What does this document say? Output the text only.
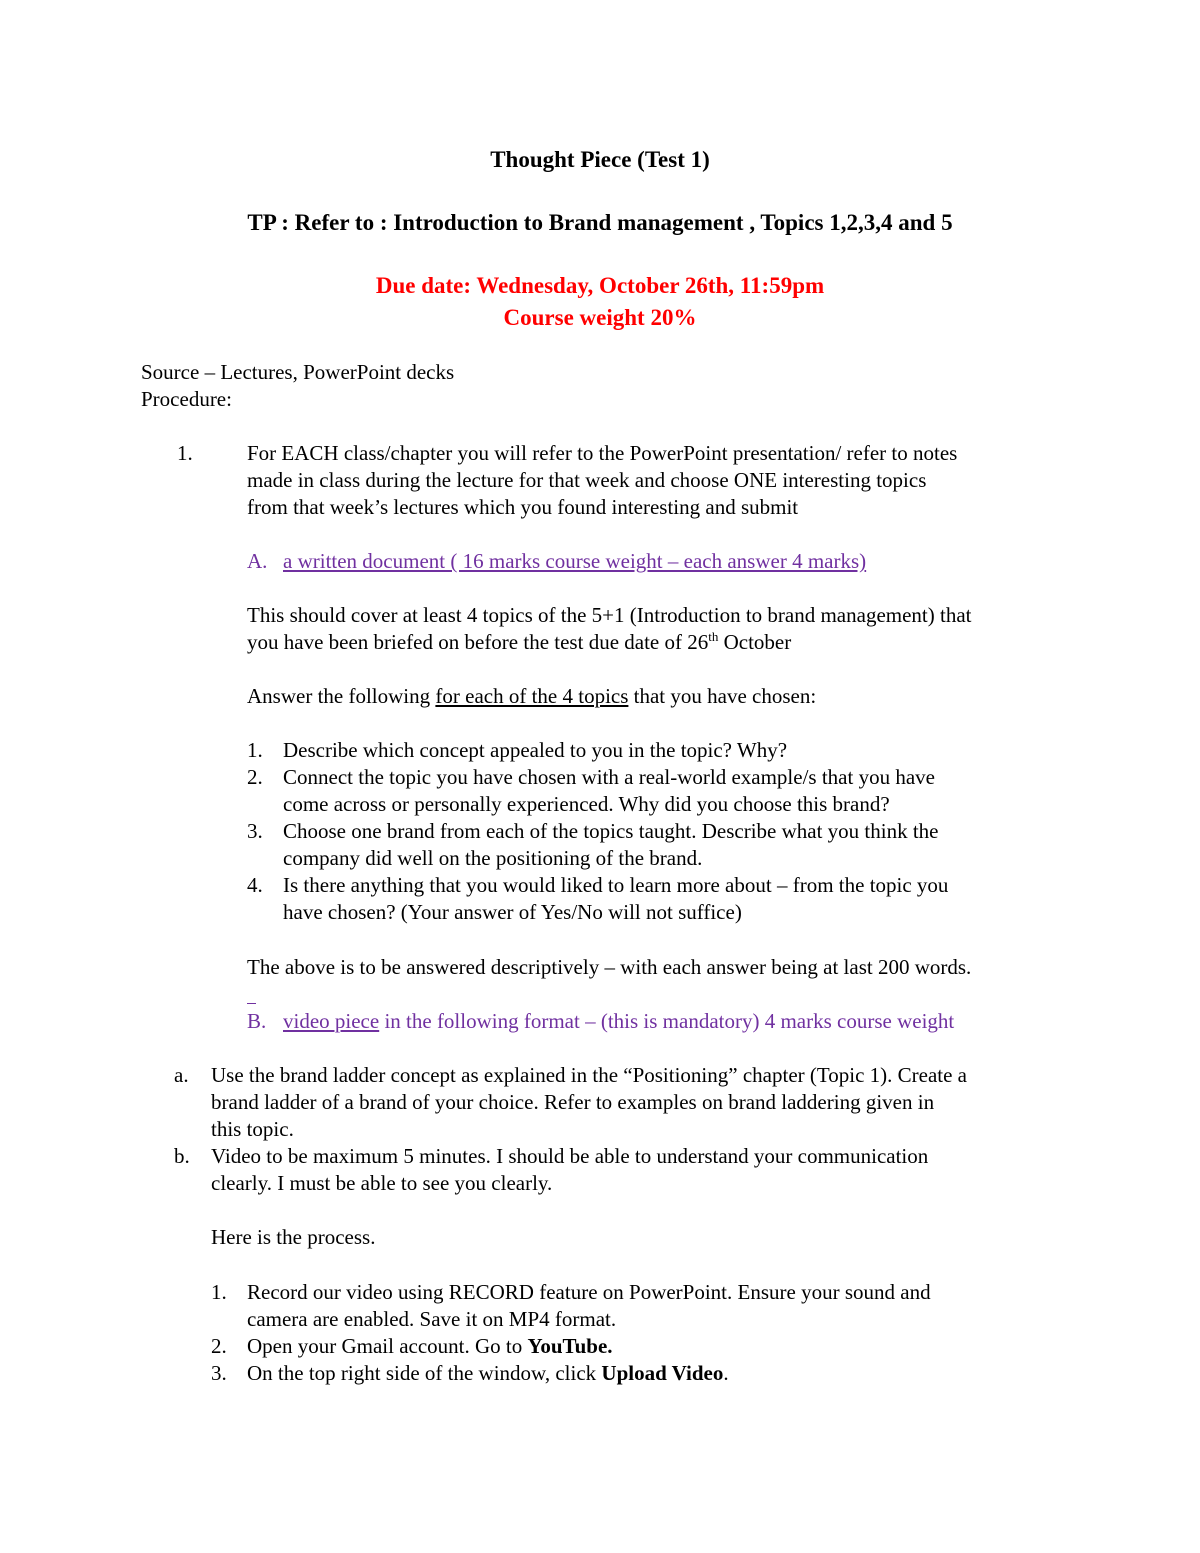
Thought Piece (Test 1)
TP : Refer to : Introduction to Brand management , Topics 1,2,3,4 and 5
Due date: Wednesday, October 26th, 11:59pm
Course weight 20%
Source – Lectures, PowerPoint decks
Procedure:
1.	For EACH class/chapter you will refer to the PowerPoint presentation/ refer to notes
made in class during the lecture for that week and choose ONE interesting topics
from that week’s lectures which you found interesting and submit
A. a written document ( 16 marks course weight – each answer 4 marks)
This should cover at least 4 topics of the 5+1 (Introduction to brand management) that
you have been briefed on before the test due date of 26th October
Answer the following for each of the 4 topics that you have chosen:
1. Describe which concept appealed to you in the topic? Why?
2. Connect the topic you have chosen with a real-world example/s that you have
come across or personally experienced. Why did you choose this brand?
3. Choose one brand from each of the topics taught. Describe what you think the
company did well on the positioning of the brand.
4. Is there anything that you would liked to learn more about – from the topic you
have chosen? (Your answer of Yes/No will not suffice)
The above is to be answered descriptively – with each answer being at last 200 words.
B. video piece in the following format – (this is mandatory) 4 marks course weight
a. Use the brand ladder concept as explained in the “Positioning” chapter (Topic 1). Create a
brand ladder of a brand of your choice. Refer to examples on brand laddering given in
this topic.
b. Video to be maximum 5 minutes. I should be able to understand your communication
clearly. I must be able to see you clearly.
Here is the process.
1. Record our video using RECORD feature on PowerPoint. Ensure your sound and
camera are enabled. Save it on MP4 format.
2. Open your Gmail account. Go to YouTube.
3. On the top right side of the window, click Upload Video.
